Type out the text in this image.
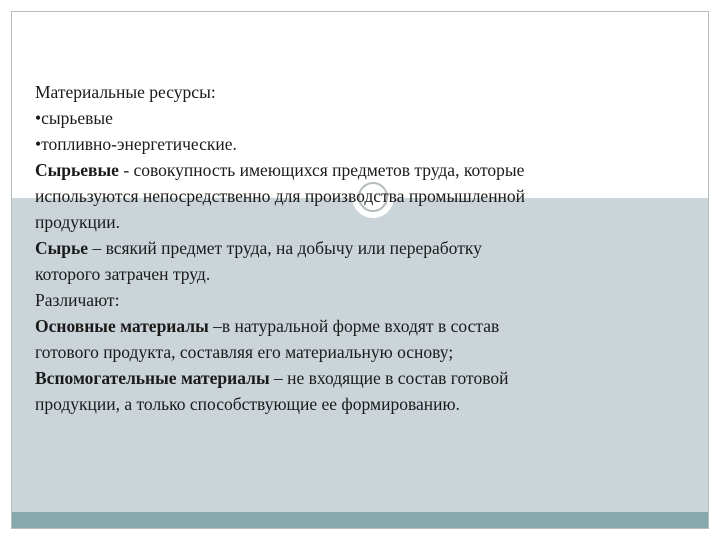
Материальные ресурсы:
•сырьевые
•топливно-энергетические.
Сырьевые - совокупность имеющихся предметов труда, которые
используются непосредственно для производства промышленной
продукции.
Сырье – всякий предмет труда, на добычу или переработку
которого затрачен труд.
Различают:
Основные материалы –в натуральной форме входят в состав
готового продукта, составляя его материальную основу;
Вспомогательные материалы – не входящие в состав готовой
продукции, а только способствующие ее формированию.
